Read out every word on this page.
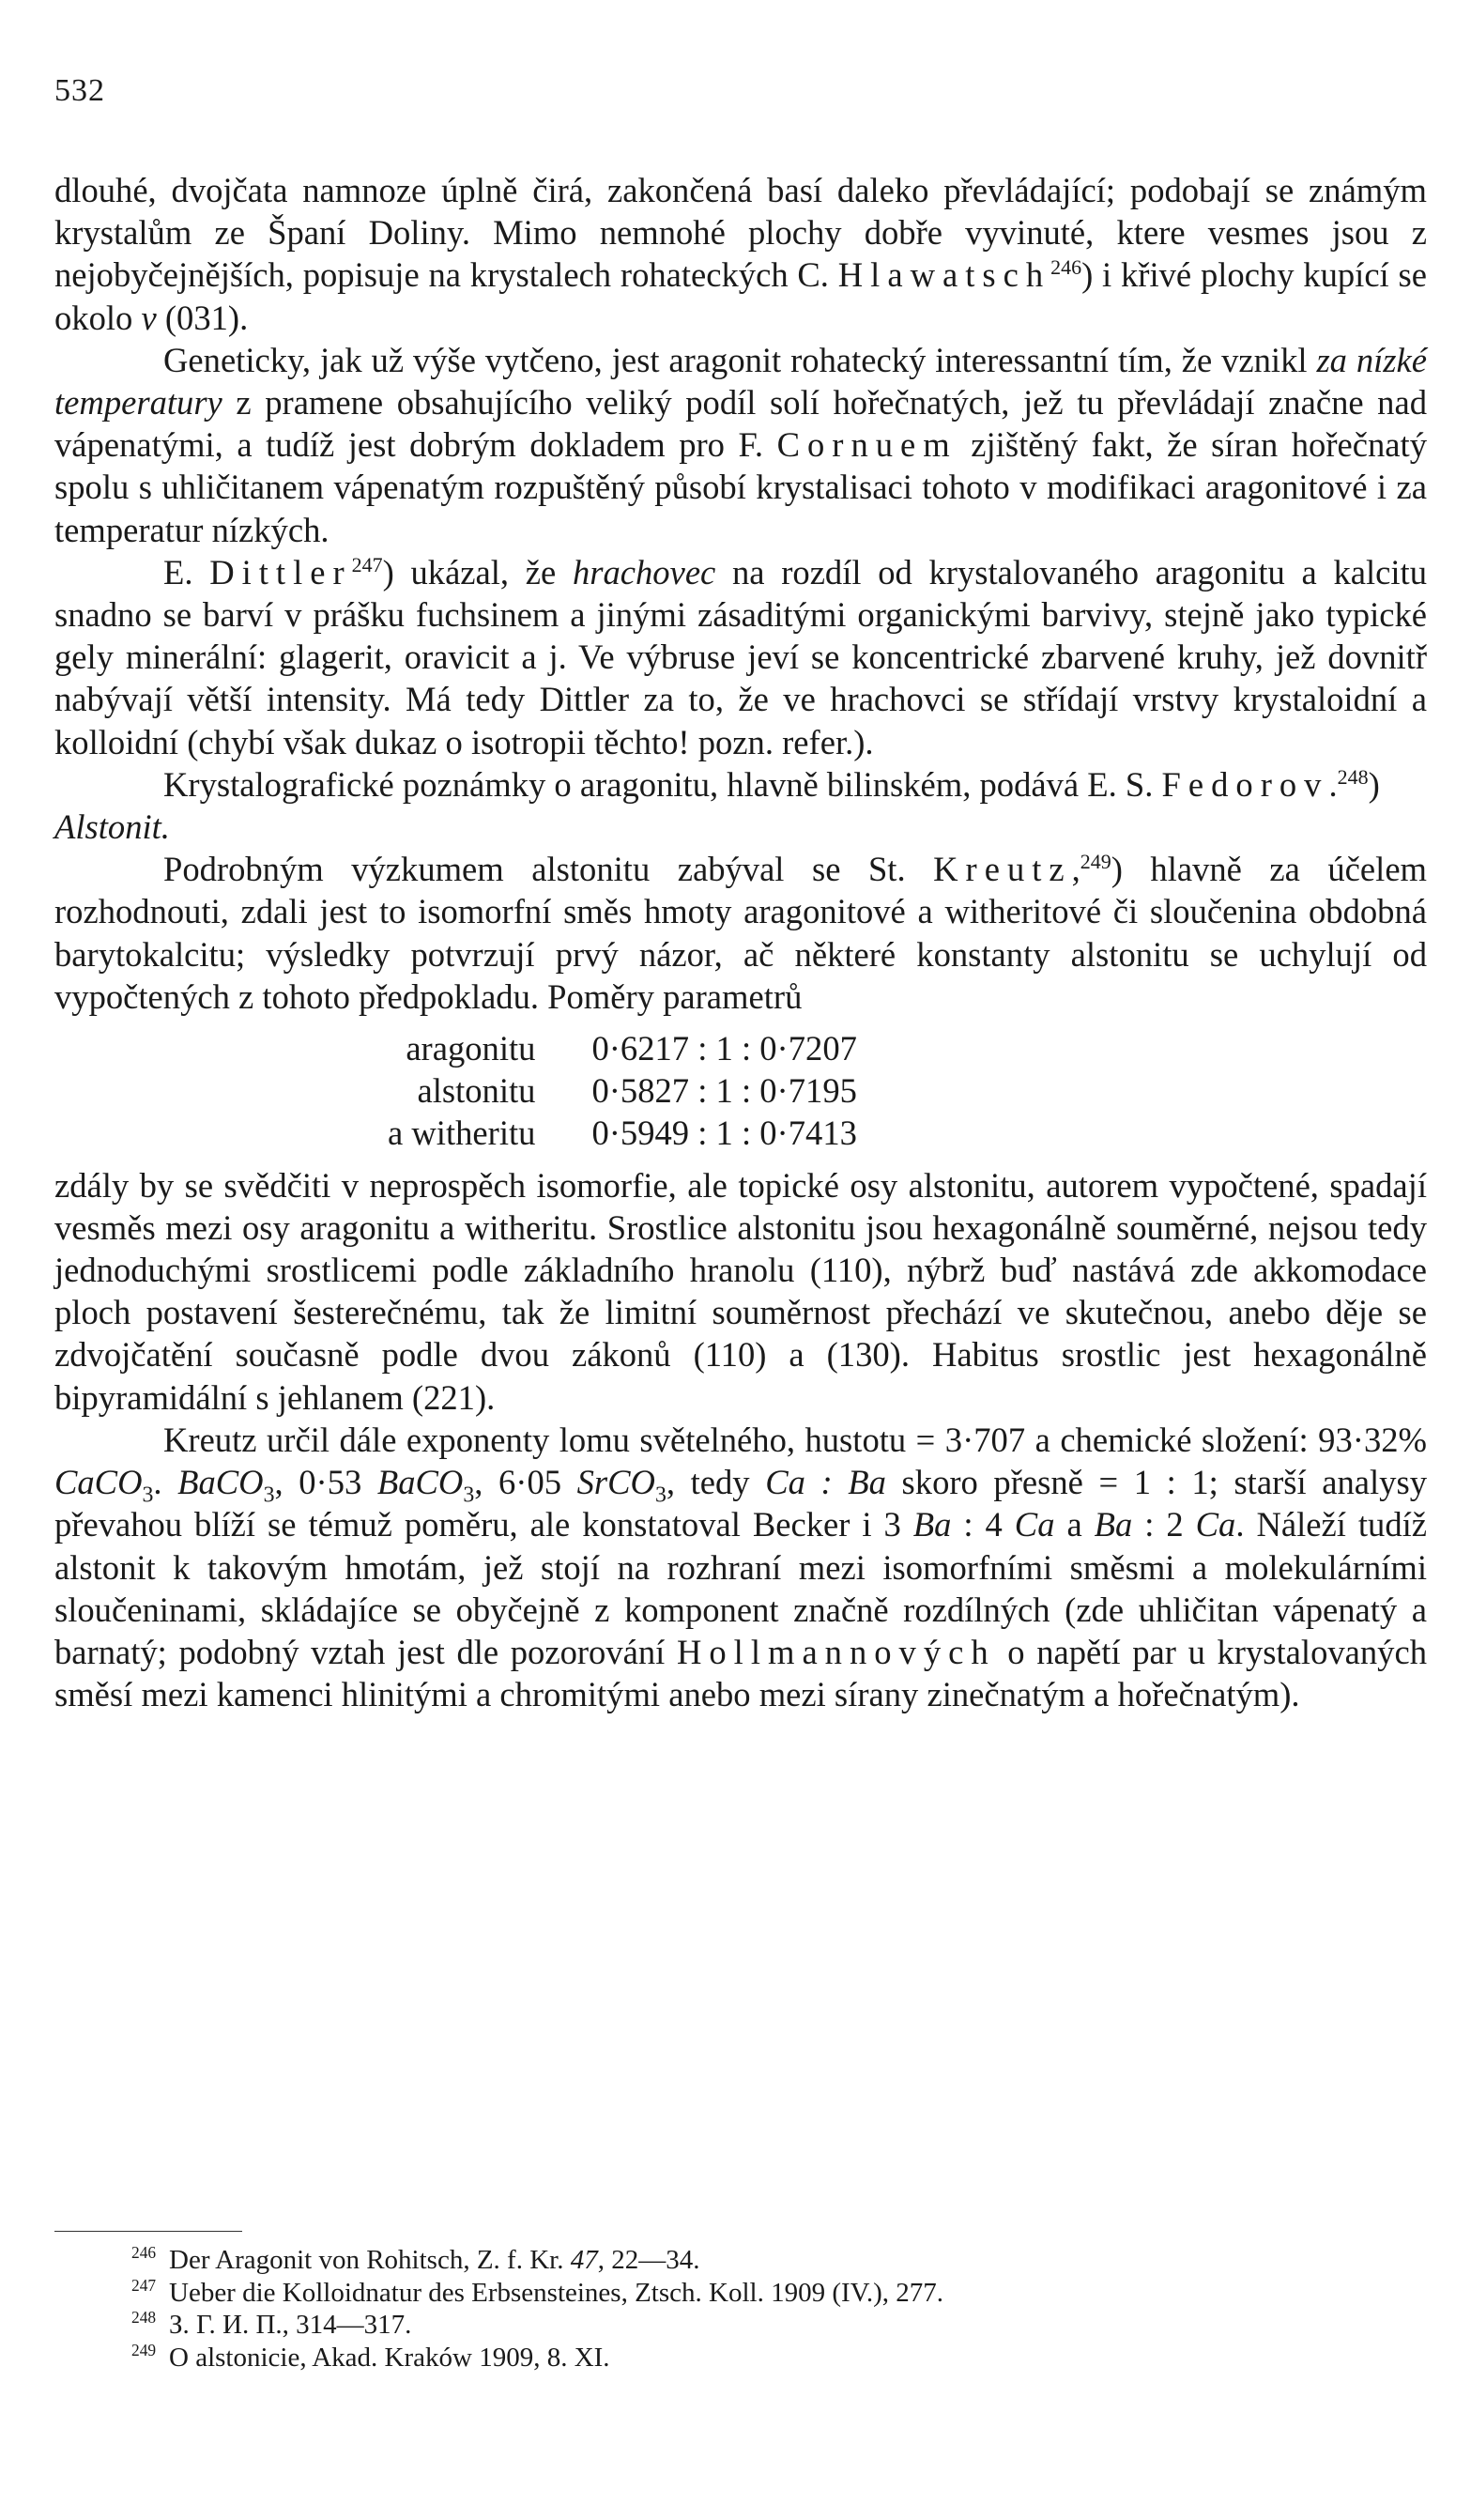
532

dlouhé, dvojčata namnoze úplně čirá, zakončená basí daleko převládající; podobají se známým krystalům ze Španí Doliny. Mimo nemnohé plochy dobře vyvinuté, ktere vesmes jsou z nejobyčejnějších, popisuje na krystalech rohateckých C. Hlawatsch$^{246}$) i křivé plochy kupící se okolo v (031).

Geneticky, jak už výše vytčeno, jest aragonit rohatecký interessantní tím, že vznikl za nízké temperatury z pramene obsahujícího veliký podíl solí hořečnatých, jež tu převládají značne nad vápenatými, a tudíž jest dobrým dokladem pro F. Cornuem zjištěný fakt, že síran hořečnatý spolu s uhličitanem vápenatým rozpuštěný působí krystalisaci tohoto v modifikaci aragonitové i za temperatur nízkých.

E. Dittler$^{247}$) ukázal, že hrachovec na rozdíl od krystalovaného aragonitu a kalcitu snadno se barví v prášku fuchsinem a jinými zásaditými organickými barvivy, stejně jako typické gely minerální: glagerit, oravicit a j. Ve výbruse jeví se koncentrické zbarvené kruhy, jež dovnitř nabývají větší intensity. Má tedy Dittler za to, že ve hrachovci se střídají vrstvy krystaloidní a kolloidní (chybí však dukaz o isotropii těchto! pozn. refer.).

Krystalografické poznámky o aragonitu, hlavně bilinském, podává E. S. Fedorov.$^{248}$)

Alstonit.

Podrobným výzkumem alstonitu zabýval se St. Kreutz,$^{249}$) hlavně za účelem rozhodnouti, zdali jest to isomorfní směs hmoty aragonitové a witheritové či sloučenina obdobná barytokalcitu; výsledky potvrzují prvý názor, ač některé konstanty alstonitu se uchylují od vypočtených z tohoto předpokladu. Poměry parametrů

aragonitu	0·6217 : 1 : 0·7207
alstonitu	0·5827 : 1 : 0·7195
a witheritu	0·5949 : 1 : 0·7413

zdály by se svědčiti v neprospěch isomorfie, ale topické osy alstonitu, autorem vypočtené, spadají vesměs mezi osy aragonitu a witheritu. Srostlice alstonitu jsou hexagonálně souměrné, nejsou tedy jednoduchými srostlicemi podle základního hranolu (110), nýbrž buď nastává zde akkomodace ploch postavení šesterečnému, tak že limitní souměrnost přechází ve skutečnou, anebo děje se zdvojčatění současně podle dvou zákonů (110) a (130). Habitus srostlic jest hexagonálně bipyramidální s jehlanem (221).

Kreutz určil dále exponenty lomu světelného, hustotu = 3·707 a chemické složení: 93·32% CaCO$_3$. BaCO$_3$, 0·53 BaCO$_3$, 6·05 SrCO$_3$, tedy Ca : Ba skoro přesně = 1 : 1; starší analysy převahou blíží se témuž poměru, ale konstatoval Becker i 3 Ba : 4 Ca a Ba : 2 Ca. Náleží tudíž alstonit k takovým hmotám, jež stojí na rozhraní mezi isomorfními směsmi a molekulárními sloučeninami, skládajíce se obyčejně z komponent značně rozdílných (zde uhličitan vápenatý a barnatý; podobný vztah jest dle pozorování Hollmannových o napětí par u krystalovaných směsí mezi kamenci hlinitými a chromitými anebo mezi sírany zinečnatým a hořečnatým).

$^{246}$ Der Aragonit von Rohitsch, Z. f. Kr. 47, 22—34.
$^{247}$ Ueber die Kolloidnatur des Erbsensteines, Ztsch. Koll. 1909 (IV.), 277.
$^{248}$ З. Г. И. П., 314—317.
$^{249}$ O alstonicie, Akad. Kraków 1909, 8. XI.
